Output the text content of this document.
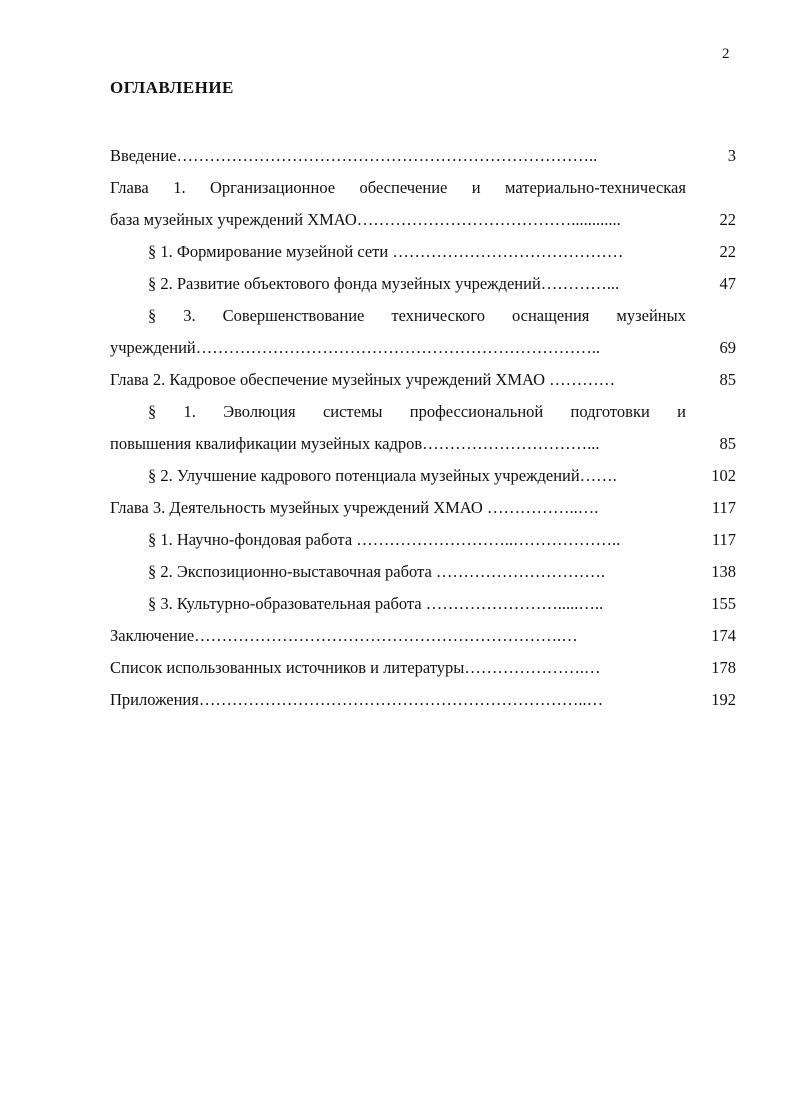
2
ОГЛАВЛЕНИЕ
Введение…………………………………………………………………..	3
Глава 1. Организационное обеспечение и материально-техническая
база музейных учреждений ХМАО…………………………………............	22
§ 1. Формирование музейной сети ……………………………………	22
§ 2. Развитие объектового фонда музейных учреждений…………...	47
§ 3. Совершенствование технического оснащения музейных
учреждений………………………………………………………………..	69
Глава 2. Кадровое обеспечение музейных учреждений ХМАО …………	85
§ 1. Эволюция системы профессиональной подготовки и
повышения квалификации музейных кадров…………………………...	85
§ 2. Улучшение кадрового потенциала музейных учреждений…….	102
Глава 3. Деятельность музейных учреждений ХМАО ……………..….	117
§ 1. Научно-фондовая работа ………………………..………………..	117
§ 2. Экспозиционно-выставочная работа ………………………….	138
§ 3. Культурно-образовательная работа …………………….....…..	155
Заключение………………………………………………………….…	174
Список использованных источников и литературы………………….…	178
Приложения……………………………………………………………..…	192
